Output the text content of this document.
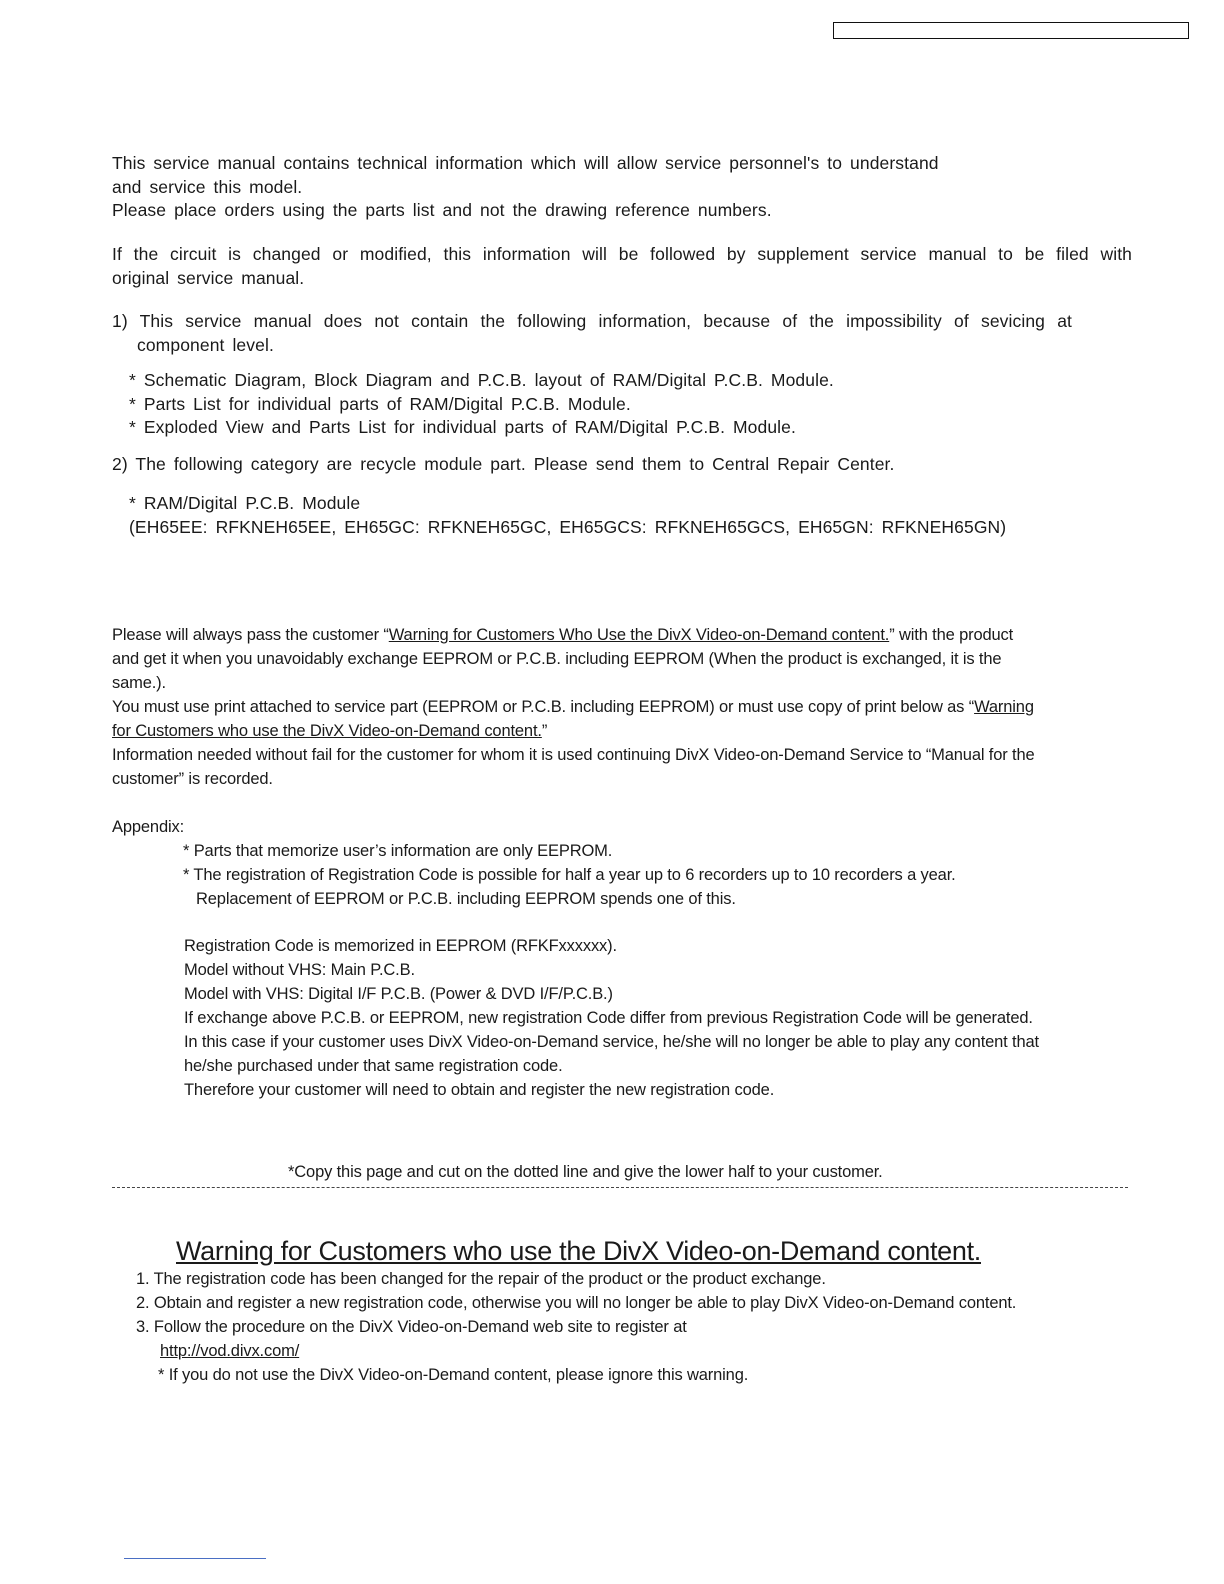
This service manual contains technical information which will allow service personnel's to understand
and service this model.
Please place orders using the parts list and not the drawing reference numbers.
If the circuit is changed or modified, this information will be followed by supplement service manual to be filed with
original service manual.
1) This service manual does not contain the following information, because of the impossibility of sevicing at
component level.
* Schematic Diagram, Block Diagram and P.C.B. layout of RAM/Digital P.C.B. Module.
* Parts List for individual parts of RAM/Digital P.C.B. Module.
* Exploded View and Parts List for individual parts of RAM/Digital P.C.B. Module.
2) The following category are recycle module part. Please send them to Central Repair Center.
* RAM/Digital P.C.B. Module
(EH65EE: RFKNEH65EE, EH65GC: RFKNEH65GC, EH65GCS: RFKNEH65GCS, EH65GN: RFKNEH65GN)
Please will always pass the customer “Warning for Customers Who Use the DivX Video-on-Demand content.” with the product
and get it when you unavoidably exchange EEPROM or P.C.B. including EEPROM (When the product is exchanged, it is the
same.).
You must use print attached to service part (EEPROM or P.C.B. including EEPROM) or must use copy of print below as “Warning
for Customers who use the DivX Video-on-Demand content.”
Information needed without fail for the customer for whom it is used continuing DivX Video-on-Demand Service to “Manual for the
customer” is recorded.
Appendix:
* Parts that memorize user’s information are only EEPROM.
* The registration of Registration Code is possible for half a year up to 6 recorders up to 10 recorders a year.
Replacement of EEPROM or P.C.B. including EEPROM spends one of this.
Registration Code is memorized in EEPROM (RFKFxxxxxx).
Model without VHS: Main P.C.B.
Model with VHS: Digital I/F P.C.B. (Power & DVD I/F/P.C.B.)
If exchange above P.C.B. or EEPROM, new registration Code differ from previous Registration Code will be generated.
In this case if your customer uses DivX Video-on-Demand service, he/she will no longer be able to play any content that
he/she purchased under that same registration code.
Therefore your customer will need to obtain and register the new registration code.
*Copy this page and cut on the dotted line and give the lower half to your customer.
Warning for Customers who use the DivX Video-on-Demand content.
1. The registration code has been changed for the repair of the product or the product exchange.
2. Obtain and register a new registration code, otherwise you will no longer be able to play DivX Video-on-Demand content.
3. Follow the procedure on the DivX Video-on-Demand web site to register at
http://vod.divx.com/
* If you do not use the DivX Video-on-Demand content, please ignore this warning.
